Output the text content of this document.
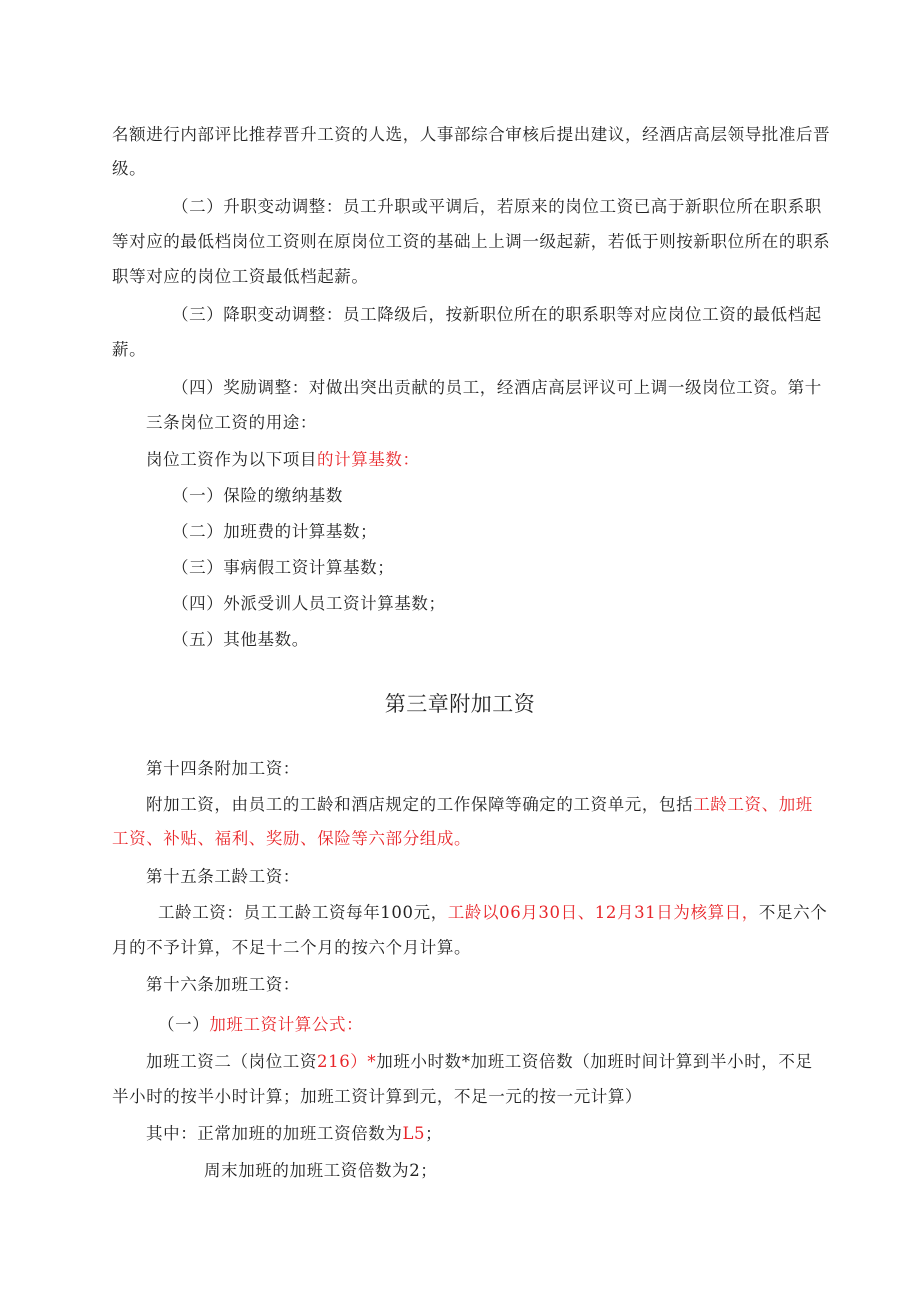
名额进行内部评比推荐晋升工资的人选，人事部综合审核后提出建议，经酒店高层领导批准后晋
级。
（二）升职变动调整：员工升职或平调后，若原来的岗位工资已高于新职位所在职系职
等对应的最低档岗位工资则在原岗位工资的基础上上调一级起薪，若低于则按新职位所在的职系
职等对应的岗位工资最低档起薪。
（三）降职变动调整：员工降级后，按新职位所在的职系职等对应岗位工资的最低档起
薪。
（四）奖励调整：对做出突出贡献的员工，经酒店高层评议可上调一级岗位工资。第十
三条岗位工资的用途：
岗位工资作为以下项目的计算基数：
（一）保险的缴纳基数
（二）加班费的计算基数；
（三）事病假工资计算基数；
（四）外派受训人员工资计算基数；
（五）其他基数。
第三章附加工资
第十四条附加工资：
附加工资，由员工的工龄和酒店规定的工作保障等确定的工资单元，包括工龄工资、加班
工资、补贴、福利、奖励、保险等六部分组成。
第十五条工龄工资：
工龄工资：员工工龄工资每年100元，工龄以06月30日、12月31日为核算日，不足六个
月的不予计算，不足十二个月的按六个月计算。
第十六条加班工资：
（一）加班工资计算公式：
加班工资二（岗位工资216）*加班小时数*加班工资倍数（加班时间计算到半小时，不足
半小时的按半小时计算；加班工资计算到元，不足一元的按一元计算）
其中：正常加班的加班工资倍数为L5；
周末加班的加班工资倍数为2；
